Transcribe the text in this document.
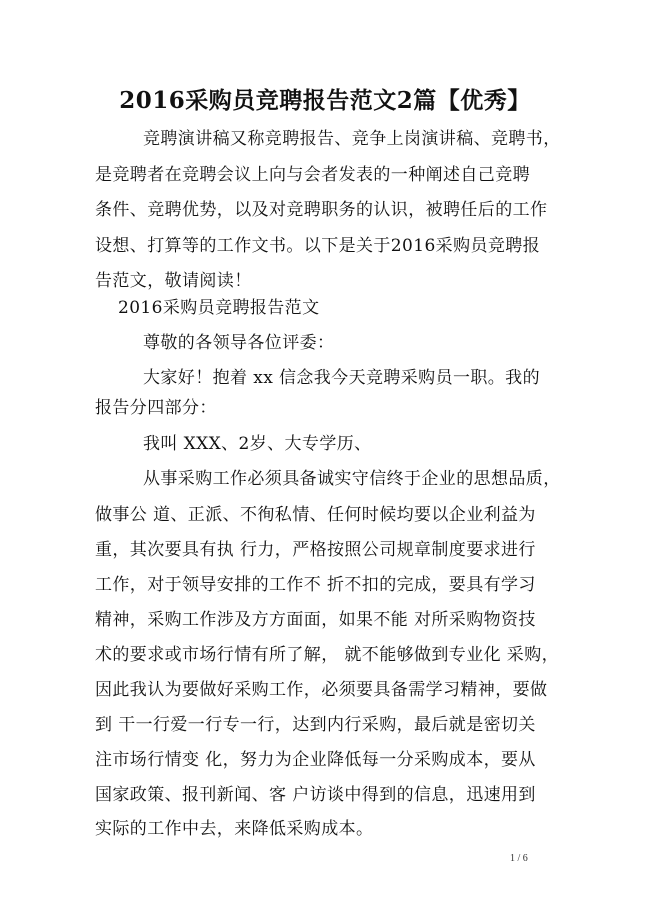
2016采购员竞聘报告范文2篇【优秀】
竞聘演讲稿又称竞聘报告、竞争上岗演讲稿、竞聘书，
是竞聘者在竞聘会议上向与会者发表的一种阐述自己竞聘
条件、竞聘优势，以及对竞聘职务的认识，被聘任后的工作
设想、打算等的工作文书。以下是关于2016采购员竞聘报
告范文，敬请阅读！
2016采购员竞聘报告范文
尊敬的各领导各位评委：
大家好！抱着 xx 信念我今天竞聘采购员一职。我的
报告分四部分：
我叫 XXX、2岁、大专学历、
从事采购工作必须具备诚实守信终于企业的思想品质，
做事公 道、正派、不徇私情、任何时候均要以企业利益为
重，其次要具有执 行力，严格按照公司规章制度要求进行
工作，对于领导安排的工作不 折不扣的完成，要具有学习
精神，采购工作涉及方方面面，如果不能 对所采购物资技
术的要求或市场行情有所了解， 就不能够做到专业化 采购，
因此我认为要做好采购工作，必须要具备需学习精神，要做
到 干一行爱一行专一行，达到内行采购，最后就是密切关
注市场行情变 化，努力为企业降低每一分采购成本，要从
国家政策、报刊新闻、客 户访谈中得到的信息，迅速用到
实际的工作中去，来降低采购成本。
1 / 6
